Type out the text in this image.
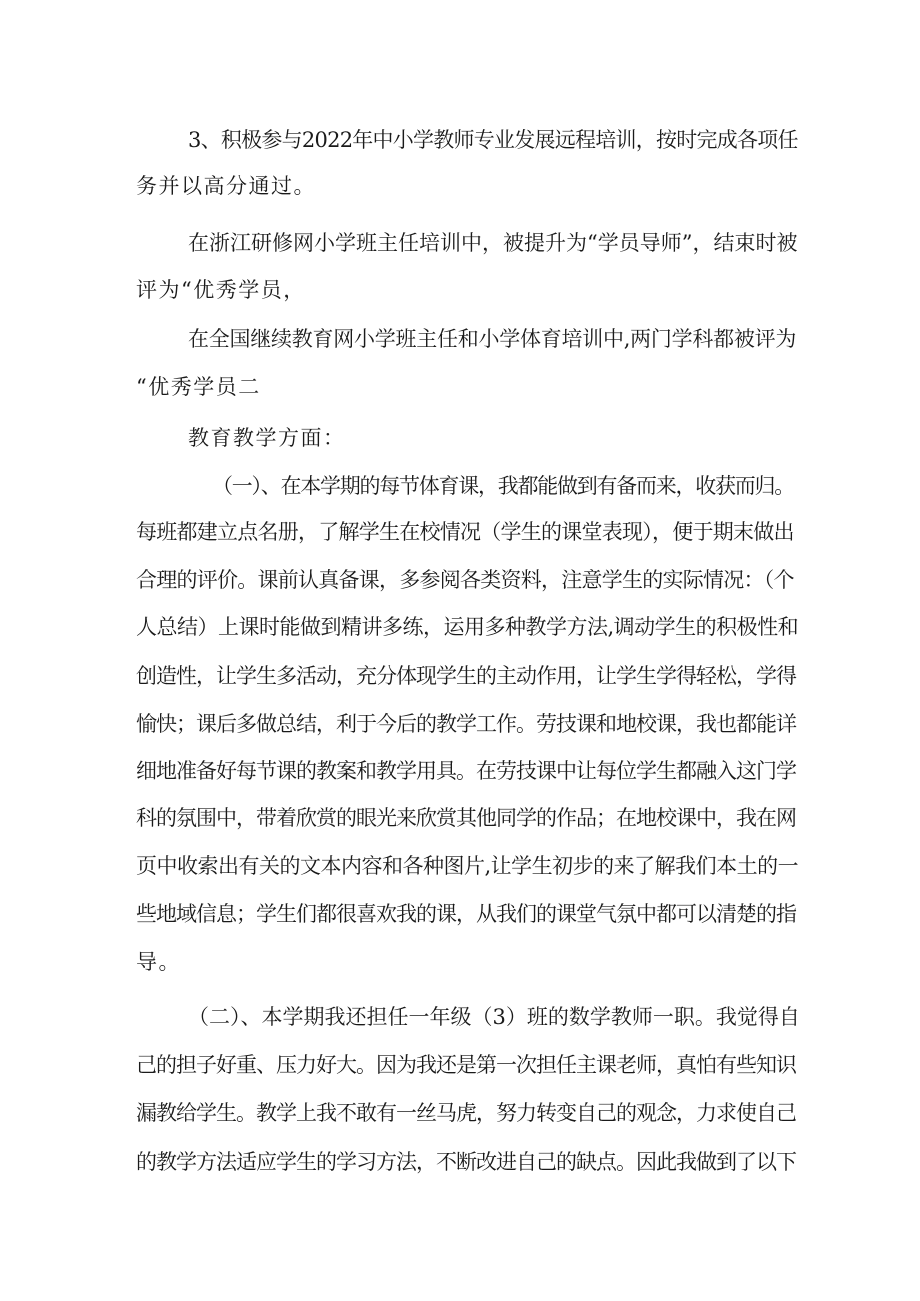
3、积极参与2022年中小学教师专业发展远程培训，按时完成各项任
务并以高分通过。
在浙江研修网小学班主任培训中，被提升为“学员导师”，结束时被
评为“优秀学员，
在全国继续教育网小学班主任和小学体育培训中,两门学科都被评为
“优秀学员二
教育教学方面：
（一）、在本学期的每节体育课，我都能做到有备而来，收获而归。
每班都建立点名册，了解学生在校情况（学生的课堂表现），便于期末做出
合理的评价。课前认真备课，多参阅各类资料，注意学生的实际情况：（个
人总结）上课时能做到精讲多练，运用多种教学方法,调动学生的积极性和
创造性，让学生多活动，充分体现学生的主动作用，让学生学得轻松，学得
愉快；课后多做总结，利于今后的教学工作。劳技课和地校课，我也都能详
细地准备好每节课的教案和教学用具。在劳技课中让每位学生都融入这门学
科的氛围中，带着欣赏的眼光来欣赏其他同学的作品；在地校课中，我在网
页中收索出有关的文本内容和各种图片,让学生初步的来了解我们本土的一
些地域信息；学生们都很喜欢我的课，从我们的课堂气氛中都可以清楚的指
导。
（二）、本学期我还担任一年级（3）班的数学教师一职。我觉得自
己的担子好重、压力好大。因为我还是第一次担任主课老师，真怕有些知识
漏教给学生。教学上我不敢有一丝马虎，努力转变自己的观念，力求使自己
的教学方法适应学生的学习方法，不断改进自己的缺点。因此我做到了以下
